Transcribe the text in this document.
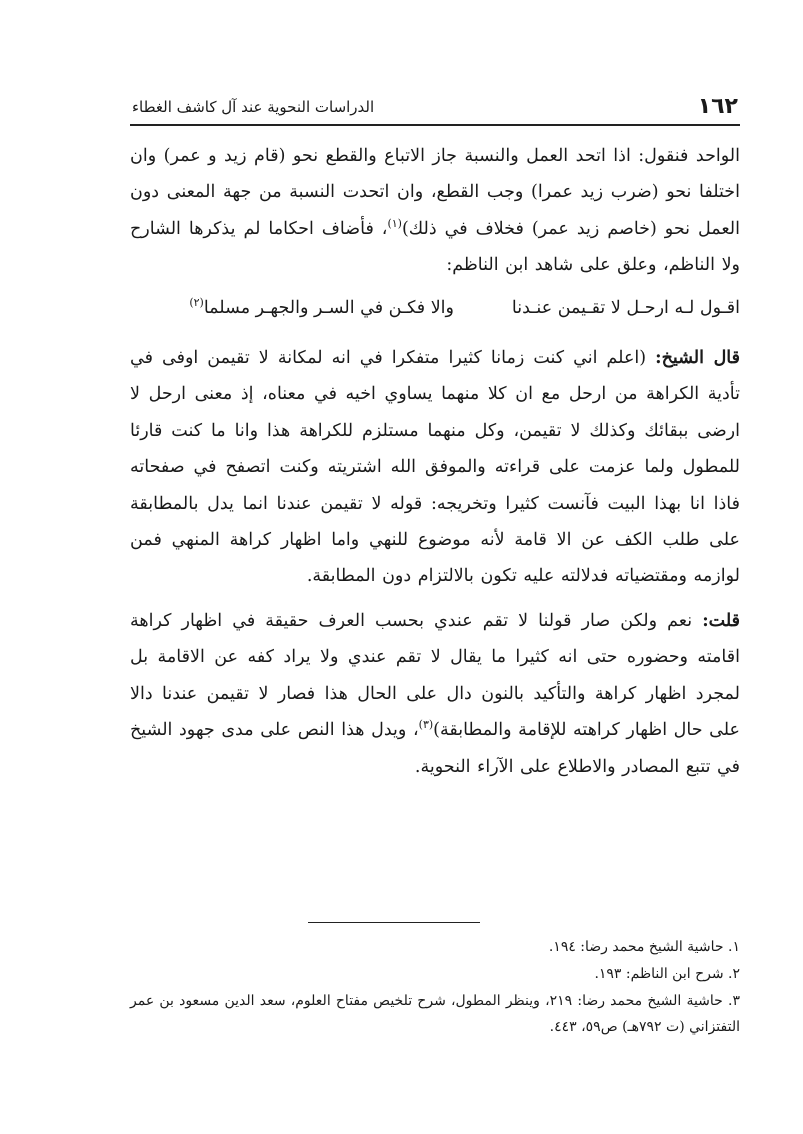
١٦٢
الدراسات النحوية عند آل كاشف الغطاء

الواحد فنقول: اذا اتحد العمل والنسبة جاز الاتباع والقطع نحو (قام زيد و عمر) وان اختلفا نحو (ضرب زيد عمرا) وجب القطع، وان اتحدت النسبة من جهة المعنى دون العمل نحو (خاصم زيد عمر) فخلاف في ذلك)$^{(١)}$، فأضاف احكاما لم يذكرها الشارح ولا الناظم، وعلق على شاهد ابن الناظم:

اقـول لـه ارحـل لا تقـيمن عنـدنا
والا فكـن في السـر والجهـر مسلما$^{(٢)}$

قال الشيخ: (اعلم اني كنت زمانا كثيرا متفكرا في انه لمكانة لا تقيمن اوفى في تأدية الكراهة من ارحل مع ان كلا منهما يساوي اخيه في معناه، إذ معنى ارحل لا ارضى ببقائك وكذلك لا تقيمن، وكل منهما مستلزم للكراهة هذا وانا ما كنت قارئا للمطول ولما عزمت على قراءته والموفق الله اشتريته وكنت اتصفح في صفحاته فاذا انا بهذا البيت فآنست كثيرا وتخريجه: قوله لا تقيمن عندنا انما يدل بالمطابقة على طلب الكف عن الا قامة لأنه موضوع للنهي واما اظهار كراهة المنهي فمن لوازمه ومقتضياته فدلالته عليه تكون بالالتزام دون المطابقة.

قلت: نعم ولكن صار قولنا لا تقم عندي بحسب العرف حقيقة في اظهار كراهة اقامته وحضوره حتى انه كثيرا ما يقال لا تقم عندي ولا يراد كفه عن الاقامة بل لمجرد اظهار كراهة والتأكيد بالنون دال على الحال هذا فصار لا تقيمن عندنا دالا على حال اظهار كراهته للإقامة والمطابقة)$^{(٣)}$، ويدل هذا النص على مدى جهود الشيخ في تتبع المصادر والاطلاع على الآراء النحوية.

١. حاشية الشيخ محمد رضا: ١٩٤.

٢. شرح ابن الناظم: ١٩٣.

٣. حاشية الشيخ محمد رضا: ٢١٩، وينظر المطول، شرح تلخيص مفتاح العلوم، سعد الدين مسعود بن عمر التفتزاني (ت ٧٩٢هـ) ص٥٩، ٤٤٣.
